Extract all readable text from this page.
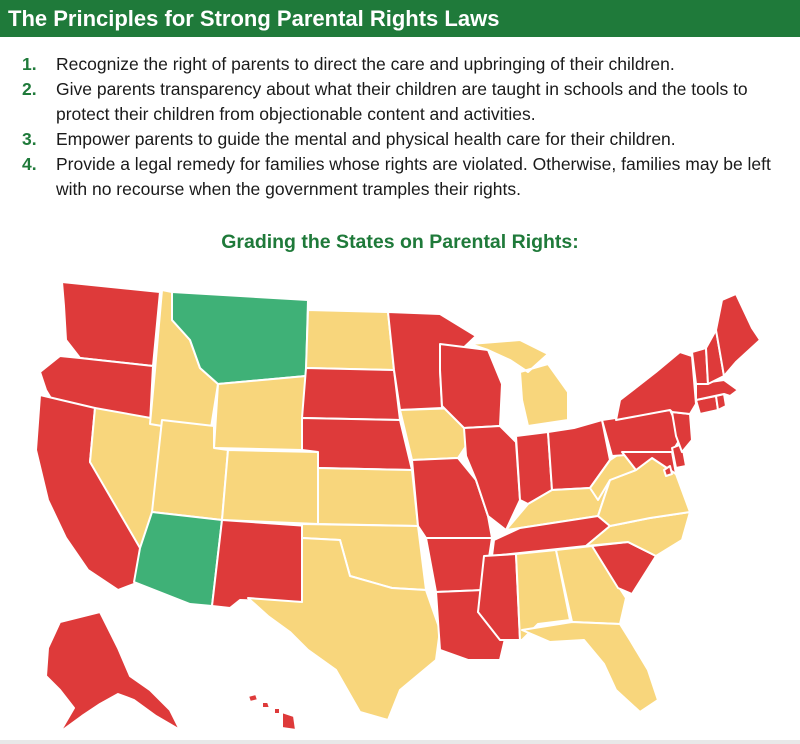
The Principles for Strong Parental Rights Laws
1.	Recognize the right of parents to direct the care and upbringing of their children.
2.	Give parents transparency about what their children are taught in schools and the tools to protect their children from objectionable content and activities.
3.	Empower parents to guide the mental and physical health care for their children.
4.	Provide a legal remedy for families whose rights are violated. Otherwise, families may be left with no recourse when the government tramples their rights.
Grading the States on Parental Rights:
